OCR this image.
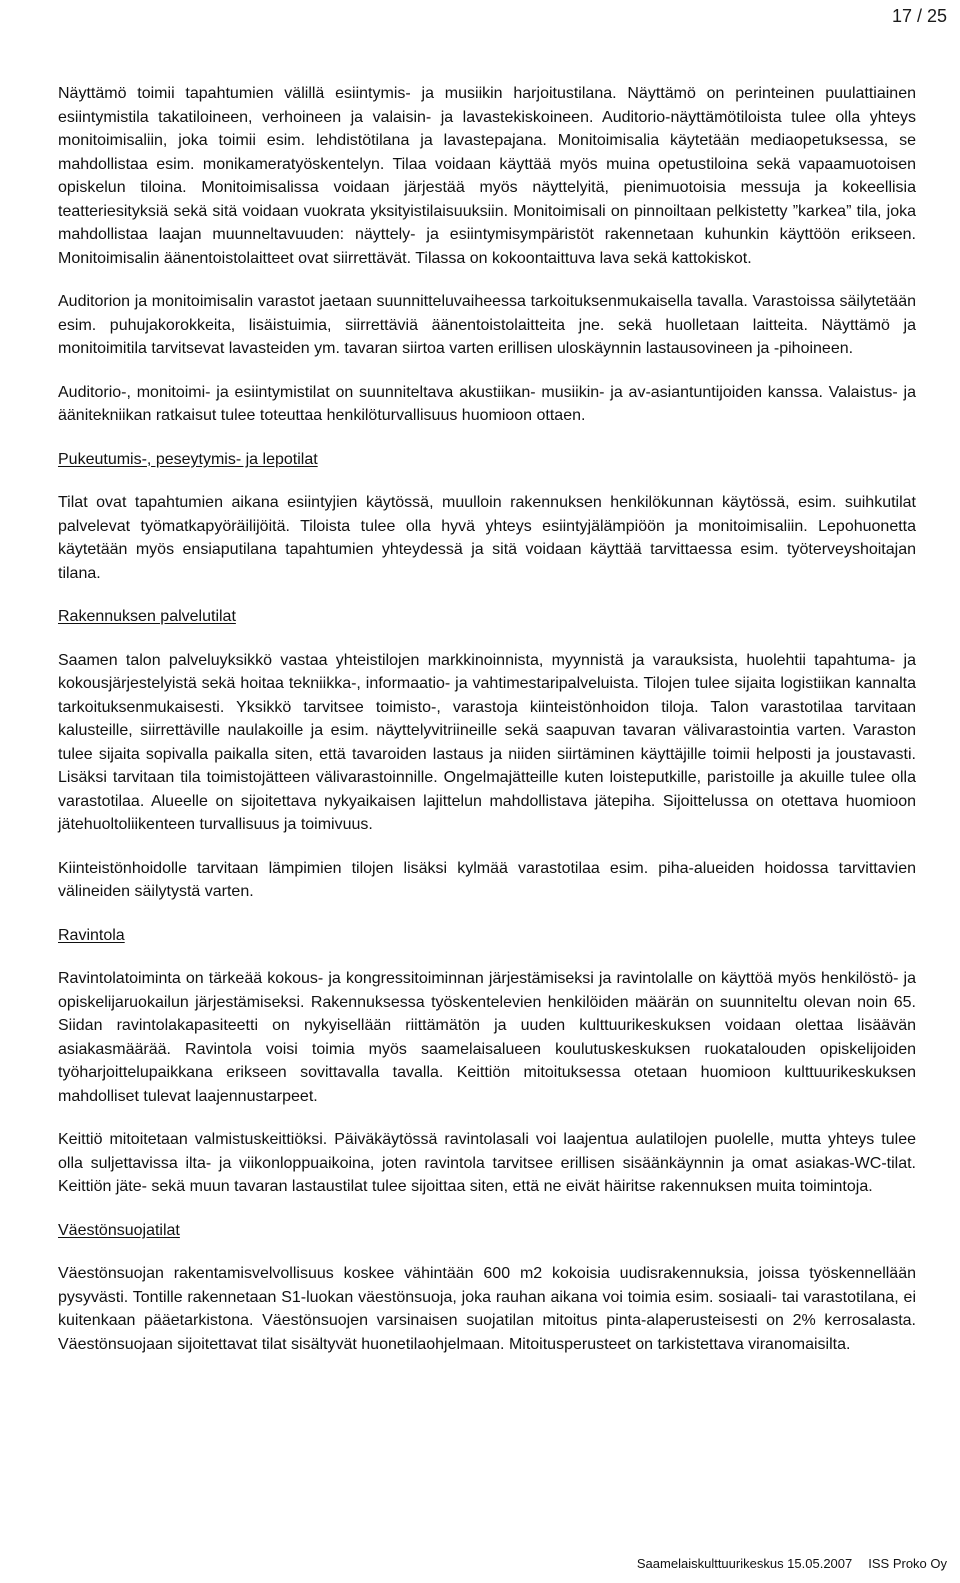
17 / 25

Näyttämö toimii tapahtumien välillä esiintymis- ja musiikin harjoitustilana. Näyttämö on perinteinen puulattiainen esiintymistila takatiloineen, verhoineen ja valaisin- ja lavastekiskoineen. Auditorio-näyttämötiloista tulee olla yhteys monitoimisaliin, joka toimii esim. lehdistötilana ja lavastepajana. Monitoimisalia käytetään mediaopetuksessa, se mahdollistaa esim. monikameratyöskentelyn. Tilaa voidaan käyttää myös muina opetustiloina sekä vapaamuotoisen opiskelun tiloina. Monitoimisalissa voidaan järjestää myös näyttelyitä, pienimuotoisia messuja ja kokeellisia teatteriesityksiä sekä sitä voidaan vuokrata yksityistilaisuuksiin. Monitoimisali on pinnoiltaan pelkistetty ”karkea” tila, joka mahdollistaa laajan muunneltavuuden: näyttely- ja esiintymisympäristöt rakennetaan kuhunkin käyttöön erikseen. Monitoimisalin äänentoistolaitteet ovat siirrettävät. Tilassa on kokoontaittuva lava sekä kattokiskot.

Auditorion ja monitoimisalin varastot jaetaan suunnitteluvaiheessa tarkoituksenmukaisella tavalla. Varastoissa säilytetään esim. puhujakorokkeita, lisäistuimia, siirrettäviä äänentoistolaitteita jne. sekä huolletaan laitteita. Näyttämö ja monitoimitila tarvitsevat lavasteiden ym. tavaran siirtoa varten erillisen uloskäynnin lastausovineen ja -pihoineen.

Auditorio-, monitoimi- ja esiintymistilat on suunniteltava akustiikan- musiikin- ja av-asiantuntijoiden kanssa. Valaistus- ja äänitekniikan ratkaisut tulee toteuttaa henkilöturvallisuus huomioon ottaen.

Pukeutumis-, peseytymis- ja lepotilat

Tilat ovat tapahtumien aikana esiintyjien käytössä, muulloin rakennuksen henkilökunnan käytössä, esim. suihkutilat palvelevat työmatkapyöräilijöitä. Tiloista tulee olla hyvä yhteys esiintyjälämpiöön ja monitoimisaliin. Lepohuonetta käytetään myös ensiaputilana tapahtumien yhteydessä ja sitä voidaan käyttää tarvittaessa esim. työterveyshoitajan tilana.

Rakennuksen palvelutilat

Saamen talon palveluyksikkö vastaa yhteistilojen markkinoinnista, myynnistä ja varauksista, huolehtii tapahtuma- ja kokousjärjestelyistä sekä hoitaa tekniikka-, informaatio- ja vahtimestaripalveluista. Tilojen tulee sijaita logistiikan kannalta tarkoituksenmukaisesti. Yksikkö tarvitsee toimisto-, varastoja kiinteistönhoidon tiloja. Talon varastotilaa tarvitaan kalusteille, siirrettäville naulakoille ja esim. näyttelyvitriineille sekä saapuvan tavaran välivarastointia varten. Varaston tulee sijaita sopivalla paikalla siten, että tavaroiden lastaus ja niiden siirtäminen käyttäjille toimii helposti ja joustavasti. Lisäksi tarvitaan tila toimistojätteen välivarastoinnille. Ongelmajätteille kuten loisteputkille, paristoille ja akuille tulee olla varastotilaa. Alueelle on sijoitettava nykyaikaisen lajittelun mahdollistava jätepiha. Sijoittelussa on otettava huomioon jätehuoltoliikenteen turvallisuus ja toimivuus.

Kiinteistönhoidolle tarvitaan lämpimien tilojen lisäksi kylmää varastotilaa esim. piha-alueiden hoidossa tarvittavien välineiden säilytystä varten.

Ravintola

Ravintolatoiminta on tärkeää kokous- ja kongressitoiminnan järjestämiseksi ja ravintolalle on käyttöä myös henkilöstö- ja opiskelijaruokailun järjestämiseksi. Rakennuksessa työskentelevien henkilöiden määrän on suunniteltu olevan noin 65. Siidan ravintolakapasiteetti on nykyisellään riittämätön ja uuden kulttuurikeskuksen voidaan olettaa lisäävän asiakasmäärää. Ravintola voisi toimia myös saamelaisalueen koulutuskeskuksen ruokatalouden opiskelijoiden työharjoittelupaikkana erikseen sovittavalla tavalla. Keittiön mitoituksessa otetaan huomioon kulttuurikeskuksen mahdolliset tulevat laajennustarpeet.

Keittiö mitoitetaan valmistuskeittiöksi. Päiväkäytössä ravintolasali voi laajentua aulatilojen puolelle, mutta yhteys tulee olla suljettavissa ilta- ja viikonloppuaikoina, joten ravintola tarvitsee erillisen sisäänkäynnin ja omat asiakas-WC-tilat. Keittiön jäte- sekä muun tavaran lastaustilat tulee sijoittaa siten, että ne eivät häiritse rakennuksen muita toimintoja.

Väestönsuojatilat

Väestönsuojan rakentamisvelvollisuus koskee vähintään 600 m2 kokoisia uudisrakennuksia, joissa työskennellään pysyvästi. Tontille rakennetaan S1-luokan väestönsuoja, joka rauhan aikana voi toimia esim. sosiaali- tai varastotilana, ei kuitenkaan pääetarkistona. Väestönsuojen varsinaisen suojatilan mitoitus pinta-alaperusteisesti on 2% kerrosalasta. Väestönsuojaan sijoitettavat tilat sisältyvät huonetilaohjelmaan. Mitoitusperusteet on tarkistettava viranomaisilta.

Saamelaiskulttuurikeskus 15.05.2007 ISS Proko Oy
